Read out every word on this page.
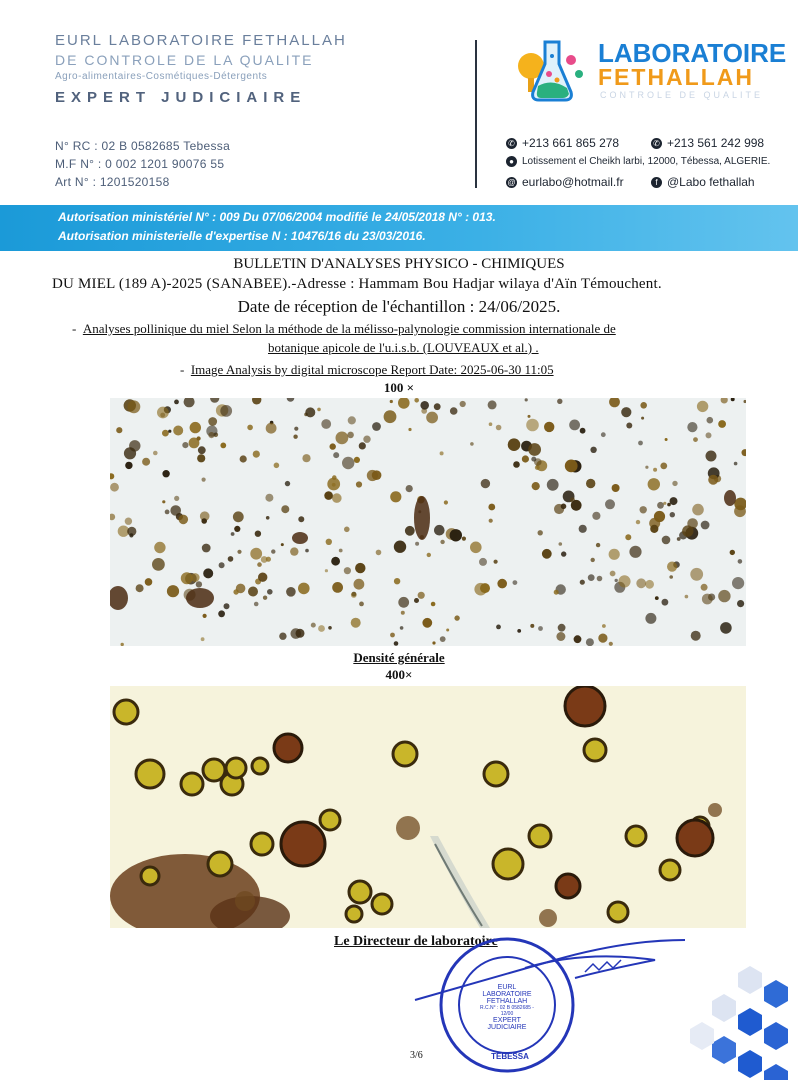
EURL LABORATOIRE FETHALLAH
DE CONTROLE DE LA QUALITE
Agro-alimentaires-Cosmétiques-Détergents
EXPERT JUDICIAIRE
N° RC : 02 B 0582685 Tebessa
M.F N° : 0 002 1201 90076 55
Art N° : 1201520158
LABORATOIRE
FETHALLAH
CONTROLE DE QUALITE
✆ +213 661 865 278	✆ +213 561 242 998
● Lotissement el Cheikh larbi, 12000, Tébessa, ALGERIE.
@ eurlabo@hotmail.fr	f @Labo fethallah
Autorisation ministériel N° : 009 Du 07/06/2004 modifié le 24/05/2018 N° : 013.
Autorisation ministerielle d'expertise N : 10476/16 du 23/03/2016.
BULLETIN D'ANALYSES PHYSICO - CHIMIQUES
DU MIEL (189 A)-2025 (SANABEE).-Adresse : Hammam Bou Hadjar wilaya d'Aïn Témouchent.
Date de réception de l'échantillon : 24/06/2025.
-  Analyses pollinique du miel Selon la méthode de la mélisso-palynologie commission internationale de
botanique apicole de l'u.i.s.b. (LOUVEAUX et al.) .
-  Image Analysis by digital microscope Report Date: 2025-06-30 11:05
100 ×
Densité générale
400×
Le Directeur de laboratoire
EURL LABORATOIRE
FETHALLAH
R.C.N° : 02 B 0582685 - 12/00
EXPERT
JUDICIAIRE
TEBESSA
3/6
